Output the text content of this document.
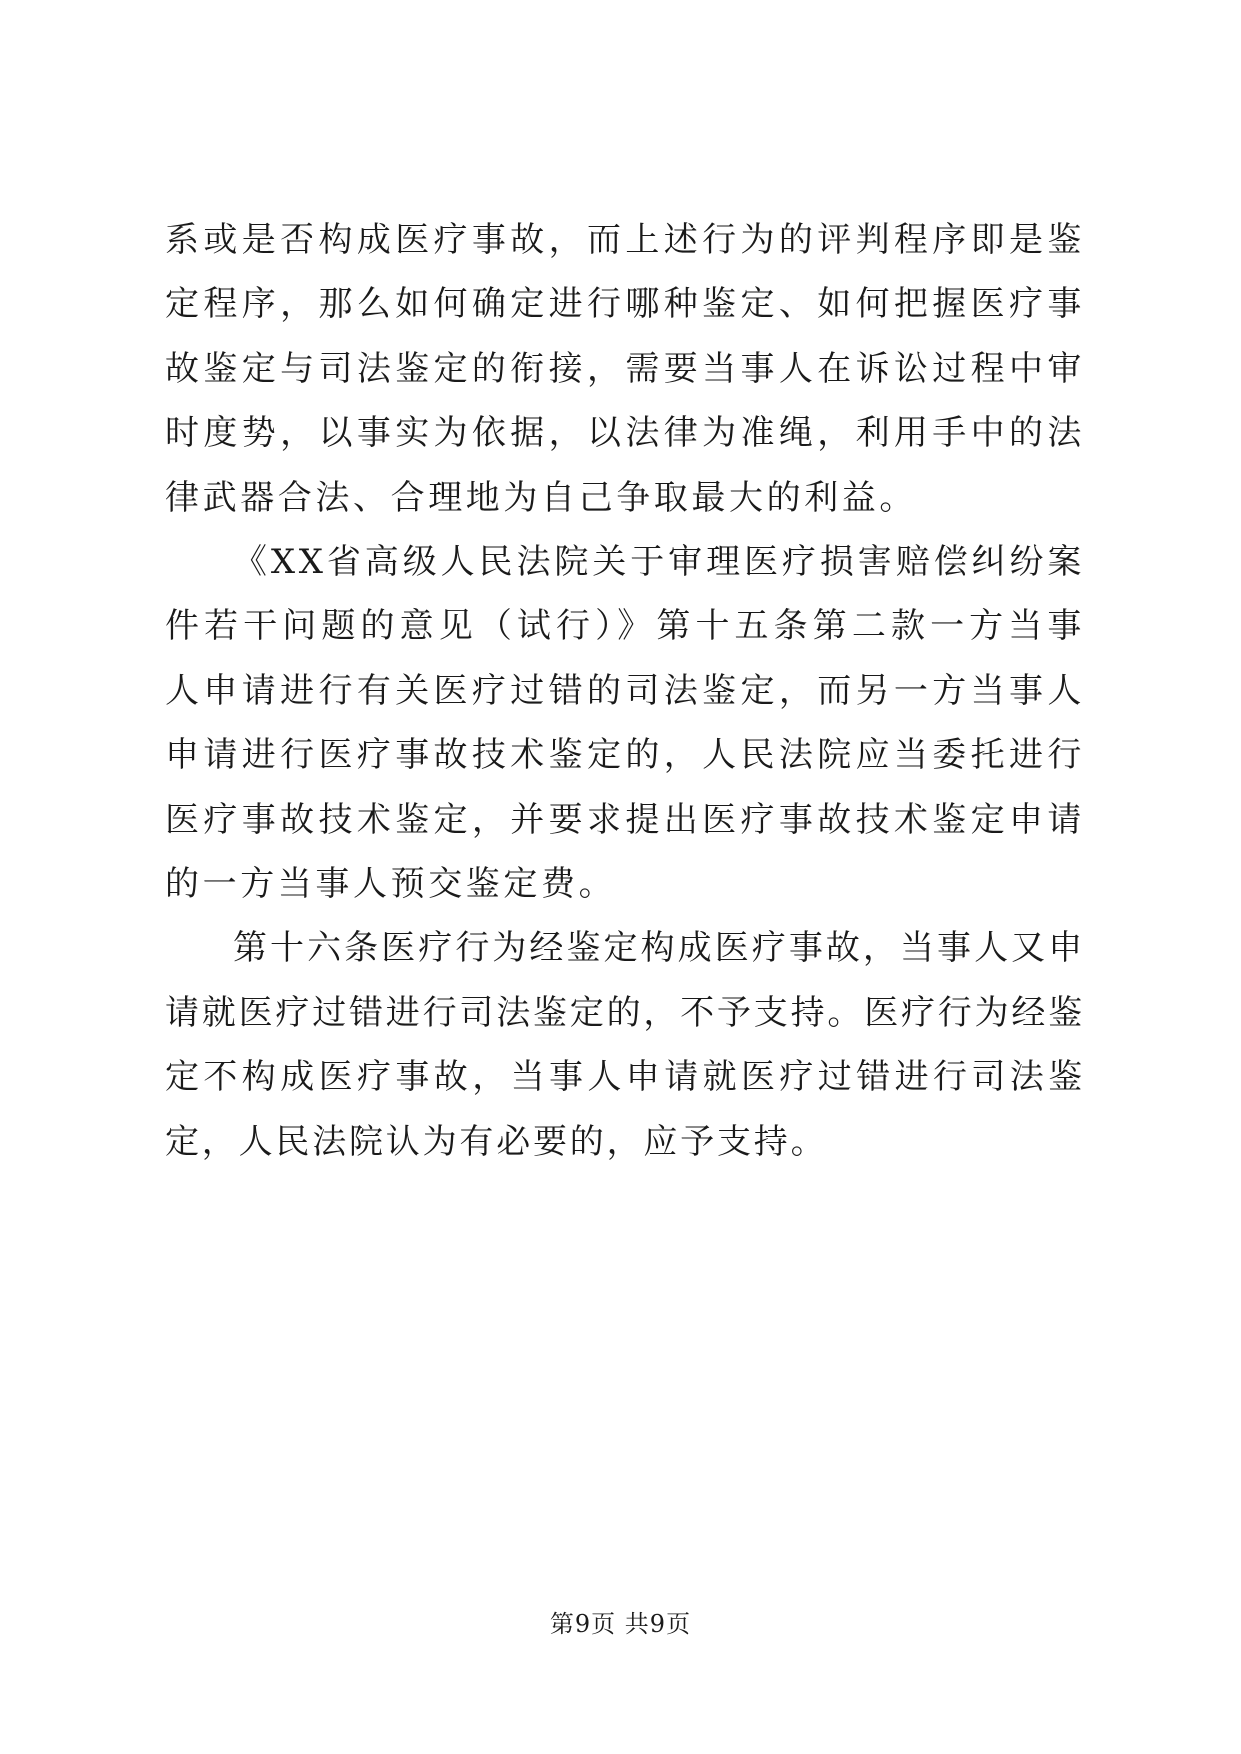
系或是否构成医疗事故，而上述行为的评判程序即是鉴定程序，那么如何确定进行哪种鉴定、如何把握医疗事故鉴定与司法鉴定的衔接，需要当事人在诉讼过程中审时度势，以事实为依据，以法律为准绳，利用手中的法律武器合法、合理地为自己争取最大的利益。

《XX省高级人民法院关于审理医疗损害赔偿纠纷案件若干问题的意见（试行）》第十五条第二款一方当事人申请进行有关医疗过错的司法鉴定，而另一方当事人申请进行医疗事故技术鉴定的，人民法院应当委托进行医疗事故技术鉴定，并要求提出医疗事故技术鉴定申请的一方当事人预交鉴定费。

第十六条医疗行为经鉴定构成医疗事故，当事人又申请就医疗过错进行司法鉴定的，不予支持。医疗行为经鉴定不构成医疗事故，当事人申请就医疗过错进行司法鉴定，人民法院认为有必要的，应予支持。

第9页 共9页
